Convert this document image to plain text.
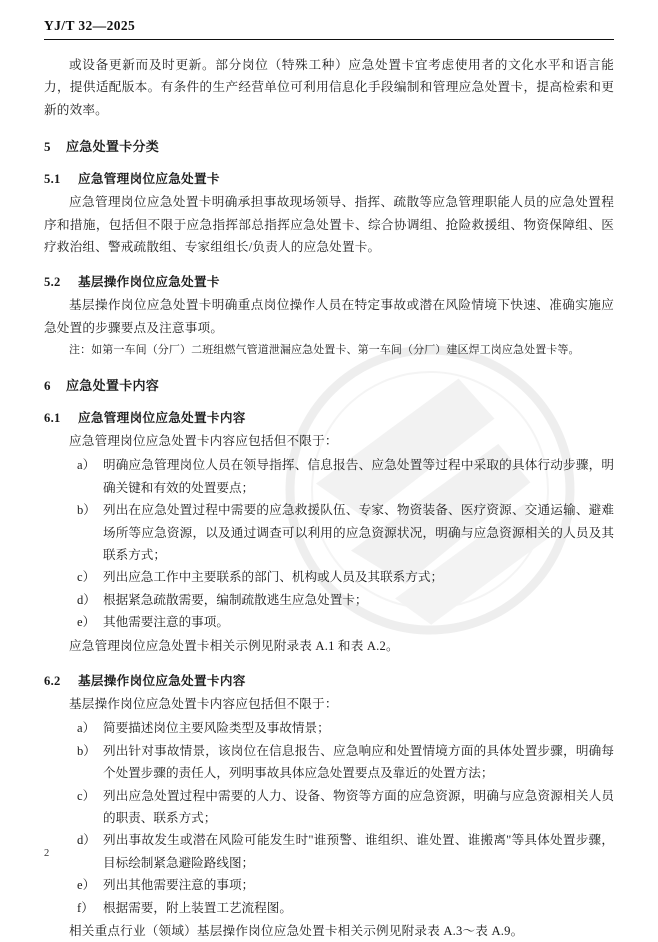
YJ/T 32—2025
或设备更新而及时更新。部分岗位（特殊工种）应急处置卡宜考虑使用者的文化水平和语言能力，提供适配版本。有条件的生产经营单位可利用信息化手段编制和管理应急处置卡，提高检索和更新的效率。
5 应急处置卡分类
5.1 应急管理岗位应急处置卡
应急管理岗位应急处置卡明确承担事故现场领导、指挥、疏散等应急管理职能人员的应急处置程序和措施，包括但不限于应急指挥部总指挥应急处置卡、综合协调组、抢险救援组、物资保障组、医疗救治组、警戒疏散组、专家组组长/负责人的应急处置卡。
5.2 基层操作岗位应急处置卡
基层操作岗位应急处置卡明确重点岗位操作人员在特定事故或潜在风险情境下快速、准确实施应急处置的步骤要点及注意事项。
注：如第一车间（分厂）二班组燃气管道泄漏应急处置卡、第一车间（分厂）建区焊工岗应急处置卡等。
6 应急处置卡内容
6.1 应急管理岗位应急处置卡内容
应急管理岗位应急处置卡内容应包括但不限于：
a） 明确应急管理岗位人员在领导指挥、信息报告、应急处置等过程中采取的具体行动步骤，明确关键和有效的处置要点；
b） 列出在应急处置过程中需要的应急救援队伍、专家、物资装备、医疗资源、交通运输、避难场所等应急资源，以及通过调查可以利用的应急资源状况，明确与应急资源相关的人员及其联系方式；
c） 列出应急工作中主要联系的部门、机构或人员及其联系方式；
d） 根据紧急疏散需要，编制疏散逃生应急处置卡；
e） 其他需要注意的事项。
应急管理岗位应急处置卡相关示例见附录表 A.1 和表 A.2。
6.2 基层操作岗位应急处置卡内容
基层操作岗位应急处置卡内容应包括但不限于：
a） 简要描述岗位主要风险类型及事故情景；
b） 列出针对事故情景，该岗位在信息报告、应急响应和处置情境方面的具体处置步骤，明确每个处置步骤的责任人，列明事故具体应急处置要点及靠近的处置方法；
c） 列出应急处置过程中需要的人力、设备、物资等方面的应急资源，明确与应急资源相关人员的职责、联系方式；
d） 列出事故发生或潜在风险可能发生时"谁预警、谁组织、谁处置、谁搬离"等具体处置步骤，目标绘制紧急避险路线图；
e） 列出其他需要注意的事项；
f） 根据需要，附上装置工艺流程图。
相关重点行业（领域）基层操作岗位应急处置卡相关示例见附录表 A.3～表 A.9。
2
